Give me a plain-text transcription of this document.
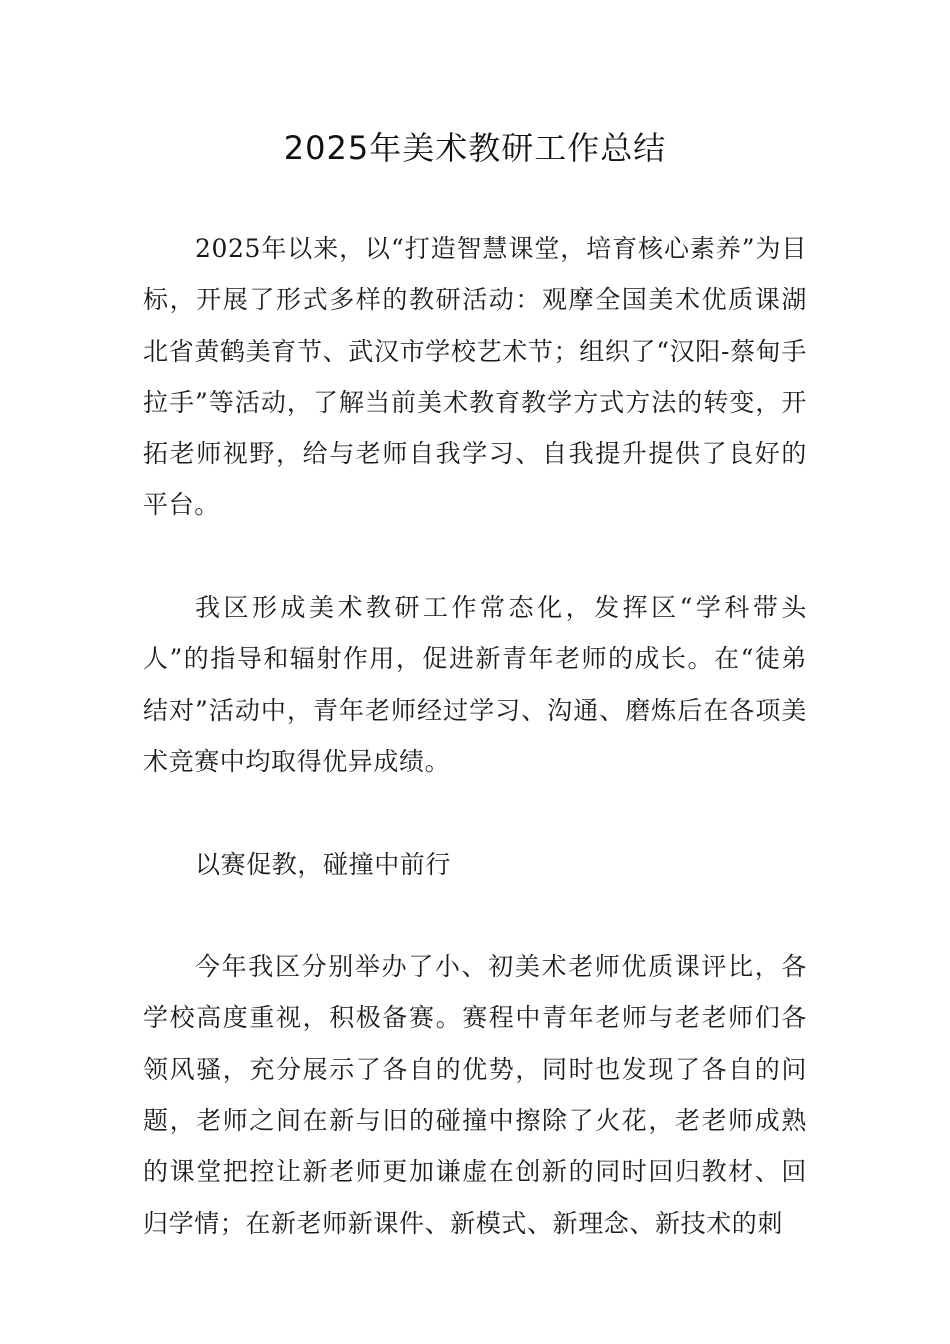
2025年美术教研工作总结

2025年以来，以“打造智慧课堂，培育核心素养”为目标，开展了形式多样的教研活动：观摩全国美术优质课湖北省黄鹤美育节、武汉市学校艺术节；组织了“汉阳-蔡甸手拉手”等活动，了解当前美术教育教学方式方法的转变，开拓老师视野，给与老师自我学习、自我提升提供了良好的平台。

我区形成美术教研工作常态化，发挥区“学科带头人”的指导和辐射作用，促进新青年老师的成长。在“徒弟结对”活动中，青年老师经过学习、沟通、磨炼后在各项美术竞赛中均取得优异成绩。

以赛促教，碰撞中前行

今年我区分别举办了小、初美术老师优质课评比，各学校高度重视，积极备赛。赛程中青年老师与老老师们各领风骚，充分展示了各自的优势，同时也发现了各自的问题，老师之间在新与旧的碰撞中擦除了火花，老老师成熟的课堂把控让新老师更加谦虚在创新的同时回归教材、回归学情；在新老师新课件、新模式、新理念、新技术的刺
